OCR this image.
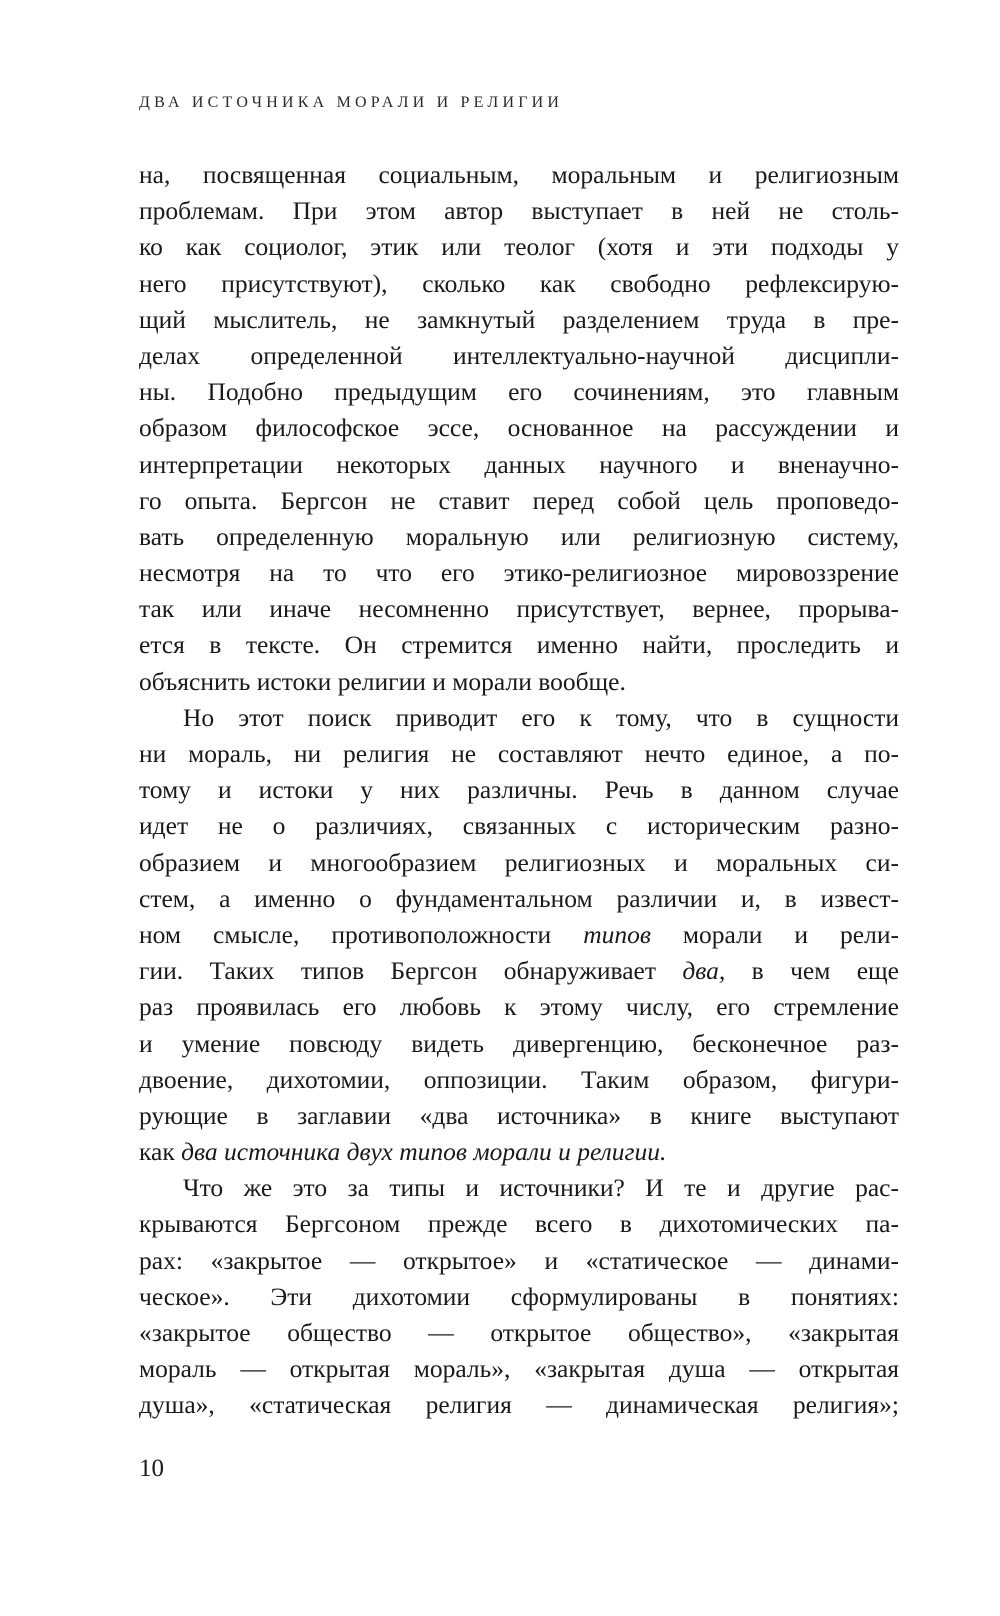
ДВА ИСТОЧНИКА МОРАЛИ И РЕЛИГИИ
на, посвященная социальным, моральным и религиозным
проблемам. При этом автор выступает в ней не столь-
ко как социолог, этик или теолог (хотя и эти подходы у
него присутствуют), сколько как свободно рефлексирую-
щий мыслитель, не замкнутый разделением труда в пре-
делах определенной интеллектуально-научной дисципли-
ны. Подобно предыдущим его сочинениям, это главным
образом философское эссе, основанное на рассуждении и
интерпретации некоторых данных научного и вненаучно-
го опыта. Бергсон не ставит перед собой цель проповедо-
вать определенную моральную или религиозную систему,
несмотря на то что его этико-религиозное мировоззрение
так или иначе несомненно присутствует, вернее, прорыва-
ется в тексте. Он стремится именно найти, проследить и
объяснить истоки религии и морали вообще.
Но этот поиск приводит его к тому, что в сущности
ни мораль, ни религия не составляют нечто единое, а по-
тому и истоки у них различны. Речь в данном случае
идет не о различиях, связанных с историческим разно-
образием и многообразием религиозных и моральных си-
стем, а именно о фундаментальном различии и, в извест-
ном смысле, противоположности типов морали и рели-
гии. Таких типов Бергсон обнаруживает два, в чем еще
раз проявилась его любовь к этому числу, его стремление
и умение повсюду видеть дивергенцию, бесконечное раз-
двоение, дихотомии, оппозиции. Таким образом, фигури-
рующие в заглавии «два источника» в книге выступают
как два источника двух типов морали и религии.
Что же это за типы и источники? И те и другие рас-
крываются Бергсоном прежде всего в дихотомических па-
рах: «закрытое — открытое» и «статическое — динами-
ческое». Эти дихотомии сформулированы в понятиях:
«закрытое общество — открытое общество», «закрытая
мораль — открытая мораль», «закрытая душа — открытая
душа», «статическая религия — динамическая религия»;
10
